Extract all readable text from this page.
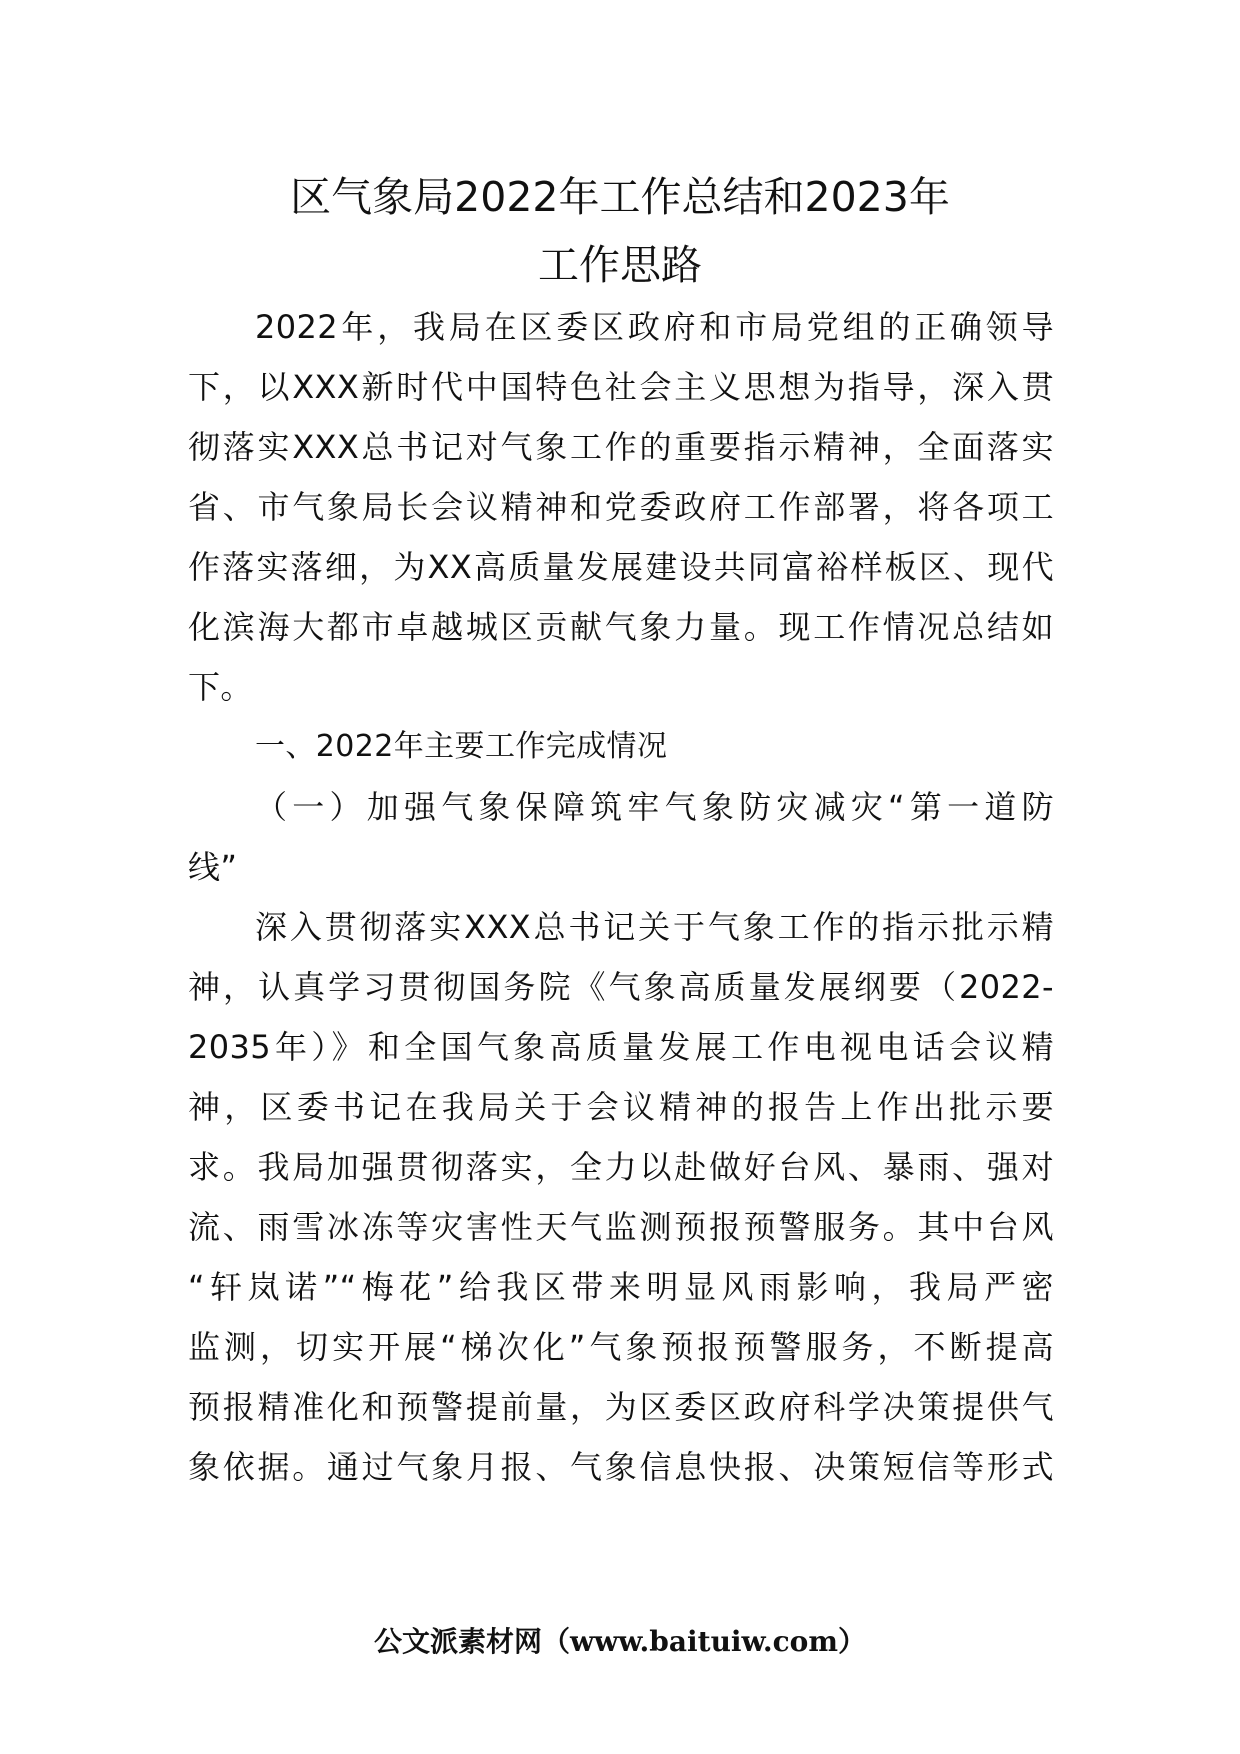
区气象局2022年工作总结和2023年
工作思路
2022年，我局在区委区政府和市局党组的正确领导
下，以XXX新时代中国特色社会主义思想为指导，深入贯
彻落实XXX总书记对气象工作的重要指示精神，全面落实
省、市气象局长会议精神和党委政府工作部署，将各项工
作落实落细，为XX高质量发展建设共同富裕样板区、现代
化滨海大都市卓越城区贡献气象力量。现工作情况总结如
下。
一、2022年主要工作完成情况
（一）加强气象保障筑牢气象防灾减灾“第一道防
线”
深入贯彻落实XXX总书记关于气象工作的指示批示精
神，认真学习贯彻国务院《气象高质量发展纲要（2022-
2035年）》和全国气象高质量发展工作电视电话会议精
神，区委书记在我局关于会议精神的报告上作出批示要
求。我局加强贯彻落实，全力以赴做好台风、暴雨、强对
流、雨雪冰冻等灾害性天气监测预报预警服务。其中台风
“轩岚诺”“梅花”给我区带来明显风雨影响，我局严密
监测，切实开展“梯次化”气象预报预警服务，不断提高
预报精准化和预警提前量，为区委区政府科学决策提供气
象依据。通过气象月报、气象信息快报、决策短信等形式
公文派素材网（www.baituiw.com）
